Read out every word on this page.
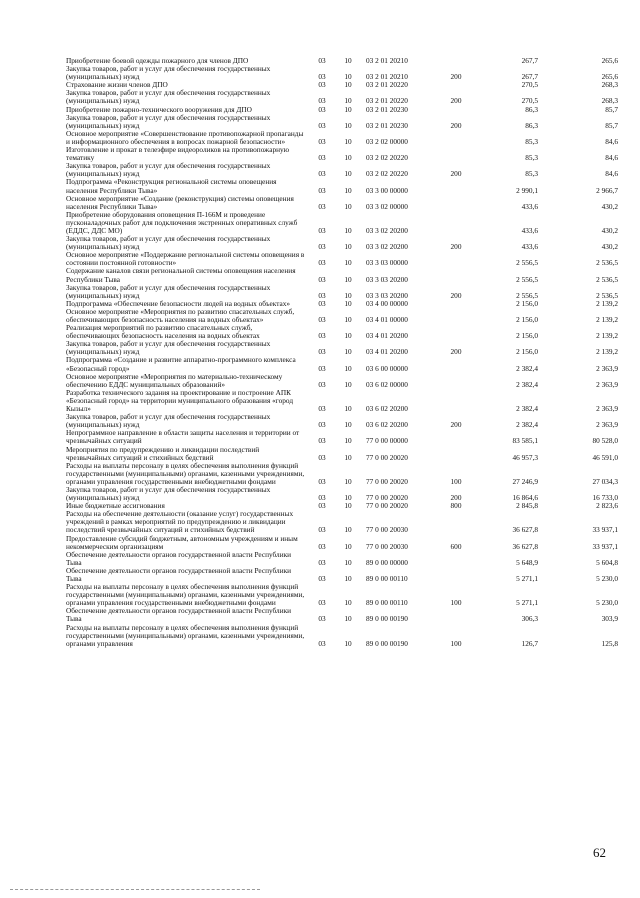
Приобретение боевой одежды пожарного для членов ДПО	03	10	03 2 01 20210		267,7	265,6
Закупка товаров, работ и услуг для обеспечения государственных (муниципальных) нужд	03	10	03 2 01 20210	200	267,7	265,6
Страхование жизни членов ДПО	03	10	03 2 01 20220		270,5	268,3
Закупка товаров, работ и услуг для обеспечения государственных (муниципальных) нужд	03	10	03 2 01 20220	200	270,5	268,3
Приобретение пожарно-технического вооружения для ДПО	03	10	03 2 01 20230		86,3	85,7
Закупка товаров, работ и услуг для обеспечения государственных (муниципальных) нужд	03	10	03 2 01 20230	200	86,3	85,7
Основное мероприятие «Совершенствование противопожарной пропаганды и информационного обеспечения в вопросах пожарной безопасности»	03	10	03 2 02 00000		85,3	84,6
Изготовление и прокат в телеэфире видеороликов на противопожарную тематику	03	10	03 2 02 20220		85,3	84,6
Закупка товаров, работ и услуг для обеспечения государственных (муниципальных) нужд	03	10	03 2 02 20220	200	85,3	84,6
Подпрограмма «Реконструкция региональной системы оповещения населения Республики Тыва»	03	10	03 3 00 00000		2 990,1	2 966,7
Основное мероприятие «Создание (реконструкция) системы оповещения населения Республики Тыва»	03	10	03 3 02 00000		433,6	430,2
Приобретение оборудования оповещения П-166М и проведение пусконаладочных работ для подключения экстренных оперативных служб (ЕДДС, ДДС МО)	03	10	03 3 02 20200		433,6	430,2
Закупка товаров, работ и услуг для обеспечения государственных (муниципальных) нужд	03	10	03 3 02 20200	200	433,6	430,2
Основное мероприятие «Поддержание региональной системы оповещения в состоянии постоянной готовности»	03	10	03 3 03 00000		2 556,5	2 536,5
Содержание каналов связи региональной системы оповещения населения Республики Тыва	03	10	03 3 03 20200		2 556,5	2 536,5
Закупка товаров, работ и услуг для обеспечения государственных (муниципальных) нужд	03	10	03 3 03 20200	200	2 556,5	2 536,5
Подпрограмма «Обеспечение безопасности людей на водных объектах»	03	10	03 4 00 00000		2 156,0	2 139,2
Основное мероприятие «Мероприятия по развитию спасательных служб, обеспечивающих безопасность населения на водных объектах»	03	10	03 4 01 00000		2 156,0	2 139,2
Реализация мероприятий по развитию спасательных служб, обеспечивающих безопасность населения на водных объектах	03	10	03 4 01 20200		2 156,0	2 139,2
Закупка товаров, работ и услуг для обеспечения государственных (муниципальных) нужд	03	10	03 4 01 20200	200	2 156,0	2 139,2
Подпрограмма «Создание и развитие аппаратно-программного комплекса «Безопасный город»	03	10	03 6 00 00000		2 382,4	2 363,9
Основное мероприятие «Мероприятия по материально-техническому обеспечению ЕДДС муниципальных образований»	03	10	03 6 02 00000		2 382,4	2 363,9
Разработка технического задания на проектирование и построение АПК «Безопасный город» на территории муниципального образования «город Кызыл»	03	10	03 6 02 20200		2 382,4	2 363,9
Закупка товаров, работ и услуг для обеспечения государственных (муниципальных) нужд	03	10	03 6 02 20200	200	2 382,4	2 363,9
Непрограммное направление в области защиты населения и территории от чрезвычайных ситуаций	03	10	77 0 00 00000		83 585,1	80 528,0
Мероприятия по предупреждению и ликвидации последствий чрезвычайных ситуаций и стихийных бедствий	03	10	77 0 00 20020		46 957,3	46 591,0
Расходы на выплаты персоналу в целях обеспечения выполнения функций государственными (муниципальными) органами, казенными учреждениями, органами управления государственными внебюджетными фондами	03	10	77 0 00 20020	100	27 246,9	27 034,3
Закупка товаров, работ и услуг для обеспечения государственных (муниципальных) нужд	03	10	77 0 00 20020	200	16 864,6	16 733,0
Иные бюджетные ассигнования	03	10	77 0 00 20020	800	2 845,8	2 823,6
Расходы на обеспечение деятельности (оказание услуг) государственных учреждений в рамках мероприятий по предупреждению и ликвидации последствий чрезвычайных ситуаций и стихийных бедствий	03	10	77 0 00 20030		36 627,8	33 937,1
Предоставление субсидий бюджетным, автономным учреждениям и иным некоммерческим организациям	03	10	77 0 00 20030	600	36 627,8	33 937,1
Обеспечение деятельности органов государственной власти Республики Тыва	03	10	89 0 00 00000		5 648,9	5 604,8
Обеспечение деятельности органов государственной власти Республики Тыва	03	10	89 0 00 00110		5 271,1	5 230,0
Расходы на выплаты персоналу в целях обеспечения выполнения функций государственными (муниципальными) органами, казенными учреждениями, органами управления государственными внебюджетными фондами	03	10	89 0 00 00110	100	5 271,1	5 230,0
Обеспечение деятельности органов государственной власти Республики Тыва	03	10	89 0 00 00190		306,3	303,9
Расходы на выплаты персоналу в целях обеспечения выполнения функций государственными (муниципальными) органами, казенными учреждениями, органами управления	03	10	89 0 00 00190	100	126,7	125,8
62
